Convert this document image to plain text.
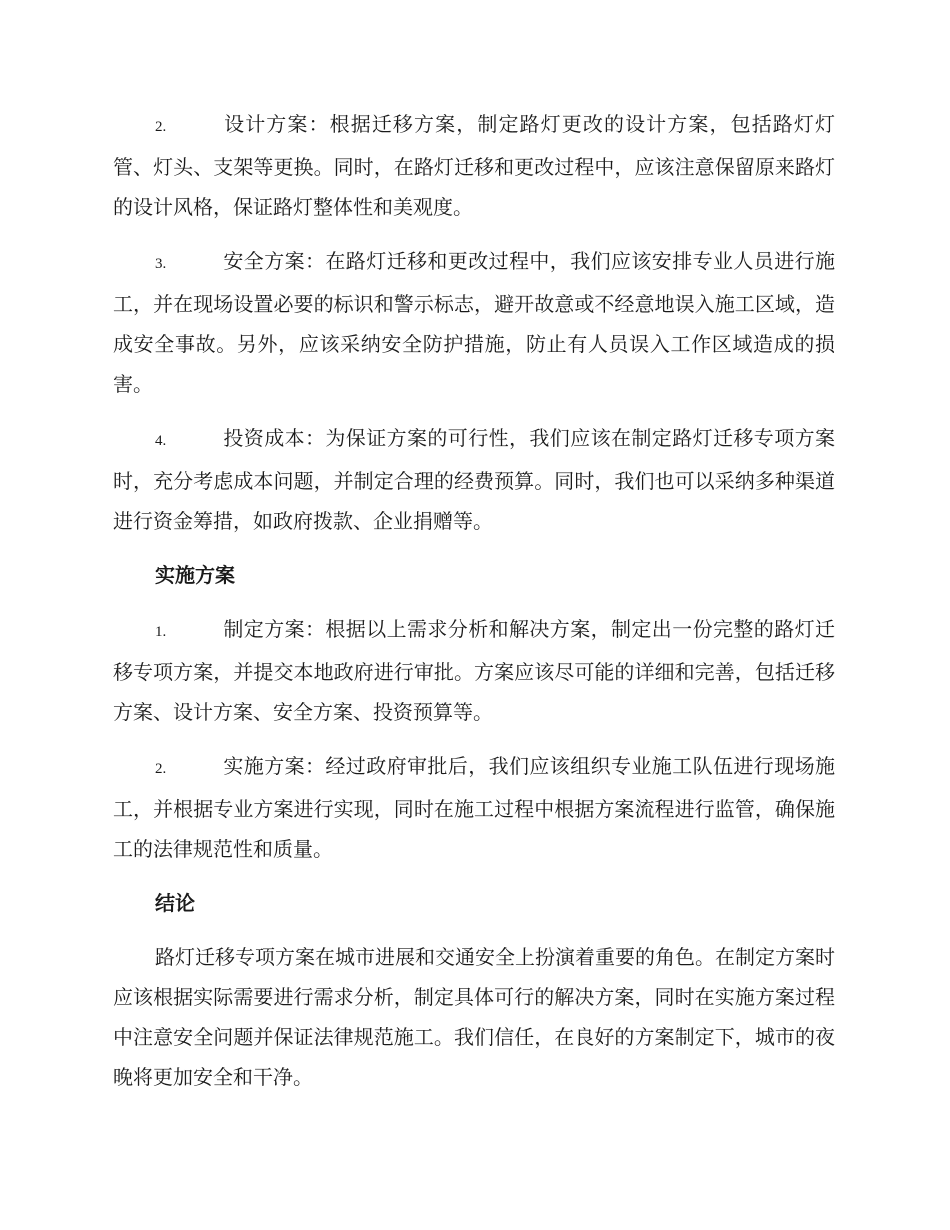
2.	设计方案：根据迁移方案，制定路灯更改的设计方案，包括路灯灯管、灯头、支架等更换。同时，在路灯迁移和更改过程中，应该注意保留原来路灯的设计风格，保证路灯整体性和美观度。

3.	安全方案：在路灯迁移和更改过程中，我们应该安排专业人员进行施工，并在现场设置必要的标识和警示标志，避开故意或不经意地误入施工区域，造成安全事故。另外，应该采纳安全防护措施，防止有人员误入工作区域造成的损害。

4.	投资成本：为保证方案的可行性，我们应该在制定路灯迁移专项方案时，充分考虑成本问题，并制定合理的经费预算。同时，我们也可以采纳多种渠道进行资金筹措，如政府拨款、企业捐赠等。

实施方案

1.	制定方案：根据以上需求分析和解决方案，制定出一份完整的路灯迁移专项方案，并提交本地政府进行审批。方案应该尽可能的详细和完善，包括迁移方案、设计方案、安全方案、投资预算等。

2.	实施方案：经过政府审批后，我们应该组织专业施工队伍进行现场施工，并根据专业方案进行实现，同时在施工过程中根据方案流程进行监管，确保施工的法律规范性和质量。

结论

路灯迁移专项方案在城市进展和交通安全上扮演着重要的角色。在制定方案时应该根据实际需要进行需求分析，制定具体可行的解决方案，同时在实施方案过程中注意安全问题并保证法律规范施工。我们信任，在良好的方案制定下，城市的夜晚将更加安全和干净。
